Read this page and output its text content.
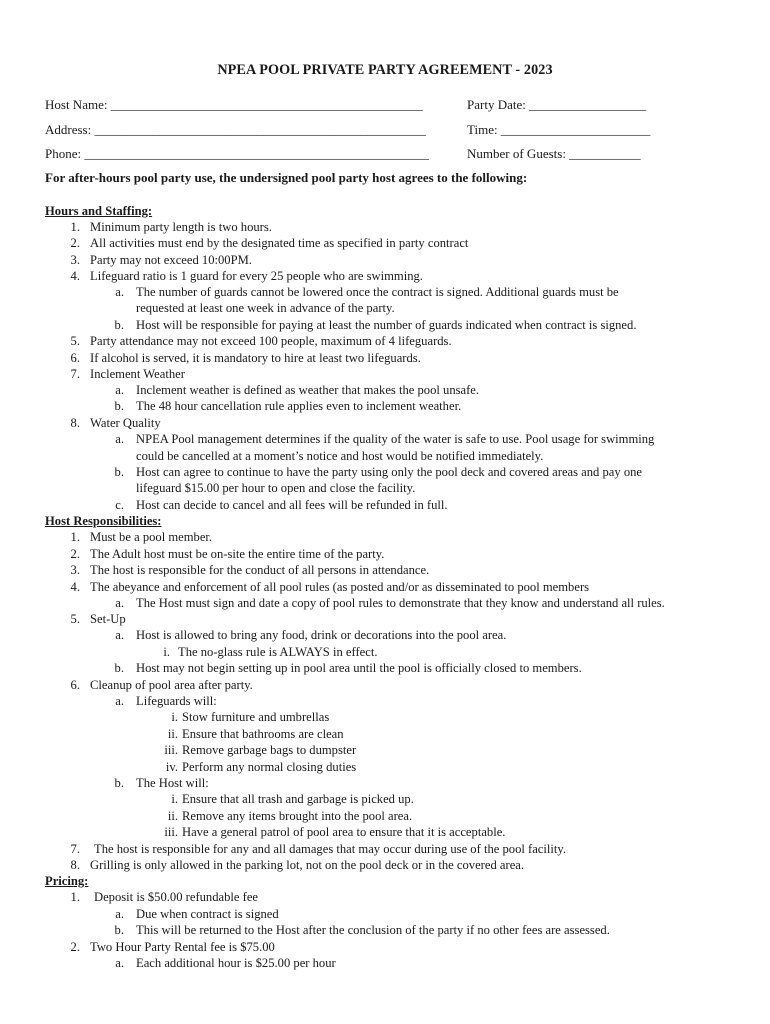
NPEA POOL PRIVATE PARTY AGREEMENT - 2023
Host Name: ________________________________________________	Party Date: __________________
Address: ___________________________________________________	Time: _______________________
Phone: _____________________________________________________	Number of Guests: ___________
For after-hours pool party use, the undersigned pool party host agrees to the following:
Hours and Staffing:
1. Minimum party length is two hours.
2. All activities must end by the designated time as specified in party contract
3. Party may not exceed 10:00PM.
4. Lifeguard ratio is 1 guard for every 25 people who are swimming.
a. The number of guards cannot be lowered once the contract is signed. Additional guards must be
requested at least one week in advance of the party.
b. Host will be responsible for paying at least the number of guards indicated when contract is signed.
5. Party attendance may not exceed 100 people, maximum of 4 lifeguards.
6. If alcohol is served, it is mandatory to hire at least two lifeguards.
7. Inclement Weather
a. Inclement weather is defined as weather that makes the pool unsafe.
b. The 48 hour cancellation rule applies even to inclement weather.
8. Water Quality
a. NPEA Pool management determines if the quality of the water is safe to use. Pool usage for swimming
could be cancelled at a moment’s notice and host would be notified immediately.
b. Host can agree to continue to have the party using only the pool deck and covered areas and pay one
lifeguard $15.00 per hour to open and close the facility.
c. Host can decide to cancel and all fees will be refunded in full.
Host Responsibilities:
1. Must be a pool member.
2. The Adult host must be on-site the entire time of the party.
3. The host is responsible for the conduct of all persons in attendance.
4. The abeyance and enforcement of all pool rules (as posted and/or as disseminated to pool members
a. The Host must sign and date a copy of pool rules to demonstrate that they know and understand all rules.
5. Set-Up
a. Host is allowed to bring any food, drink or decorations into the pool area.
i. The no-glass rule is ALWAYS in effect.
b. Host may not begin setting up in pool area until the pool is officially closed to members.
6. Cleanup of pool area after party.
a. Lifeguards will:
i. Stow furniture and umbrellas
ii. Ensure that bathrooms are clean
iii. Remove garbage bags to dumpster
iv. Perform any normal closing duties
b. The Host will:
i. Ensure that all trash and garbage is picked up.
ii. Remove any items brought into the pool area.
iii. Have a general patrol of pool area to ensure that it is acceptable.
7. The host is responsible for any and all damages that may occur during use of the pool facility.
8. Grilling is only allowed in the parking lot, not on the pool deck or in the covered area.
Pricing:
1. Deposit is $50.00 refundable fee
a. Due when contract is signed
b. This will be returned to the Host after the conclusion of the party if no other fees are assessed.
2. Two Hour Party Rental fee is $75.00
a. Each additional hour is $25.00 per hour
